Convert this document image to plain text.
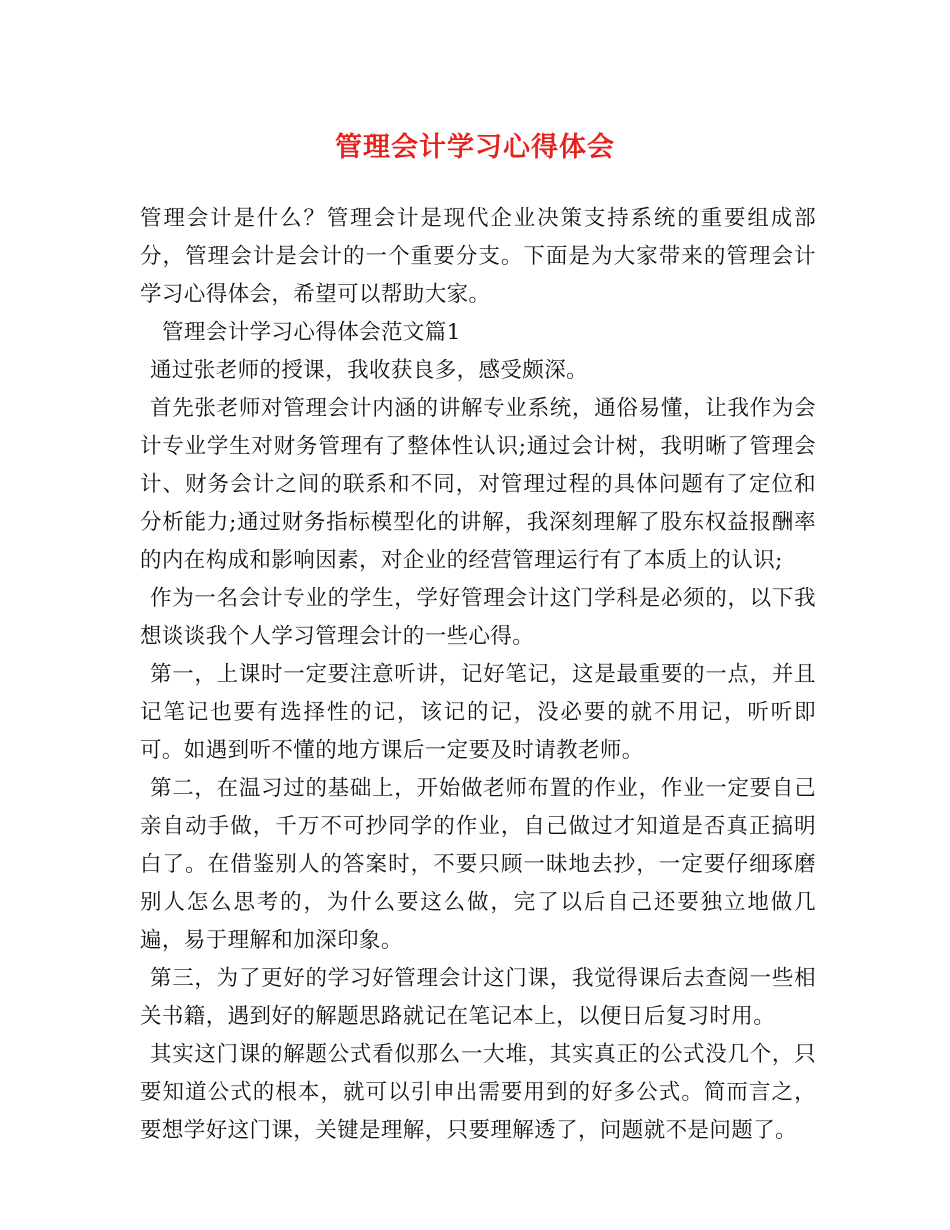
管理会计学习心得体会

管理会计是什么？管理会计是现代企业决策支持系统的重要组成部分，管理会计是会计的一个重要分支。下面是为大家带来的管理会计学习心得体会，希望可以帮助大家。

管理会计学习心得体会范文篇1

通过张老师的授课，我收获良多，感受颇深。

首先张老师对管理会计内涵的讲解专业系统，通俗易懂，让我作为会计专业学生对财务管理有了整体性认识;通过会计树，我明晰了管理会计、财务会计之间的联系和不同，对管理过程的具体问题有了定位和分析能力;通过财务指标模型化的讲解，我深刻理解了股东权益报酬率的内在构成和影响因素，对企业的经营管理运行有了本质上的认识;

作为一名会计专业的学生，学好管理会计这门学科是必须的，以下我想谈谈我个人学习管理会计的一些心得。

第一，上课时一定要注意听讲，记好笔记，这是最重要的一点，并且记笔记也要有选择性的记，该记的记，没必要的就不用记，听听即可。如遇到听不懂的地方课后一定要及时请教老师。

第二，在温习过的基础上，开始做老师布置的作业，作业一定要自己亲自动手做，千万不可抄同学的作业，自己做过才知道是否真正搞明白了。在借鉴别人的答案时，不要只顾一昧地去抄，一定要仔细琢磨别人怎么思考的，为什么要这么做，完了以后自己还要独立地做几遍，易于理解和加深印象。

第三，为了更好的学习好管理会计这门课，我觉得课后去查阅一些相关书籍，遇到好的解题思路就记在笔记本上，以便日后复习时用。

其实这门课的解题公式看似那么一大堆，其实真正的公式没几个，只要知道公式的根本，就可以引申出需要用到的好多公式。简而言之，要想学好这门课，关键是理解，只要理解透了，问题就不是问题了。
